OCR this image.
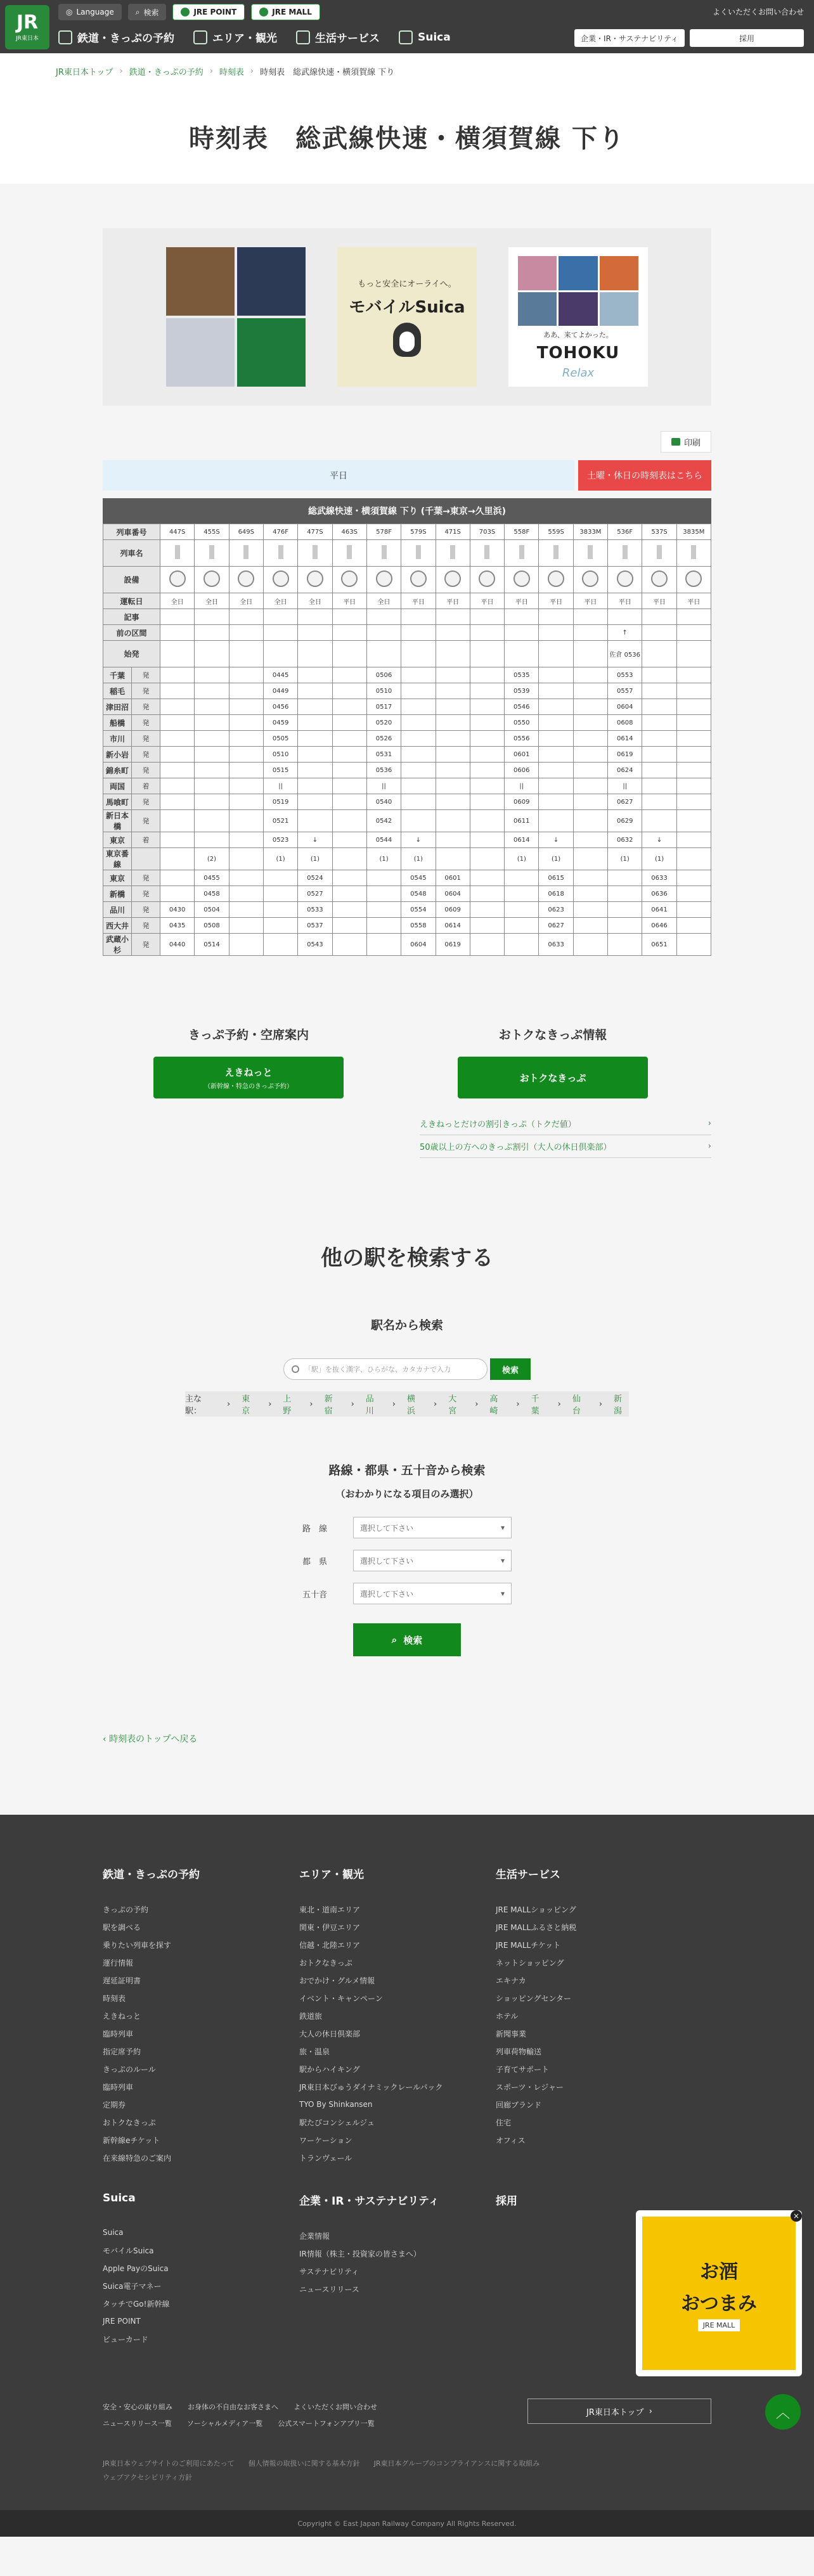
JR
JR東日本
◎ Language	⌕ 検索	JRE POINT	JRE MALL
鉄道・きっぷの予約	エリア・観光	生活サービス	Suica
よくいただくお問い合わせ
企業・IR・サステナビリティ	採用
JR東日本トップ › 鉄道・きっぷの予約 › 時刻表 › 時刻表　総武線快速・横須賀線 下り
時刻表　総武線快速・横須賀線 下り
もっと安全にオーライへ。
モバイルSuica
ああ、来てよかった。
TOHOKU
Relax
印刷
平日	土曜・休日の時刻表はこちら
総武線快速・横須賀線 下り (千葉→東京→久里浜)
列車番号		447S	455S	649S	476F	477S	463S	578F	579S	471S	703S	558F	559S	3833M	536F	537S	3835M
列車名																	
設備																	
運転日		全日	全日	全日	全日	全日	平日	全日	平日	平日	平日	平日	平日	平日	平日	平日	平日
記事																	
前の区間															↑		
始発															佐倉 0536		
千葉	発				0445			0506				0535			0553		
稲毛	発				0449			0510				0539			0557		
津田沼	発				0456			0517				0546			0604		
船橋	発				0459			0520				0550			0608		
市川	発				0505			0526				0556			0614		
新小岩	発				0510			0531				0601			0619		
錦糸町	発				0515			0536				0606			0624		
両国	着				||			||				||			||		
馬喰町	発				0519			0540				0609			0627		
新日本橋	発				0521			0542				0611			0629		
東京	着				0523	↓		0544	↓			0614	↓		0632	↓	
東京番線			(2)		(1)	(1)		(1)	(1)			(1)	(1)		(1)	(1)	
東京	発		0455			0524			0545	0601			0615			0633	
新橋	発		0458			0527			0548	0604			0618			0636	
品川	発	0430	0504			0533			0554	0609			0623			0641	
西大井	発	0435	0508			0537			0558	0614			0627			0646	
武蔵小杉	発	0440	0514			0543			0604	0619			0633			0651	
きっぷ予約・空席案内
えきねっと
（新幹線・特急のきっぷ予約）
おトクなきっぷ情報
おトクなきっぷ
えきねっとだけの割引きっぷ（トクだ値）	›
50歳以上の方へのきっぷ割引（大人の休日倶楽部）	›
他の駅を検索する
駅名から検索
「駅」を抜く漢字、ひらがな、カタカナで入力	検索
主な駅：
› 東京
› 上野
› 新宿
› 品川
› 横浜
› 大宮
› 高崎
› 千葉
› 仙台
› 新潟
路線・都県・五十音から検索
（おわかりになる項目のみ選択）
路　線	選択して下さい	▾
都　県	選択して下さい	▾
五十音	選択して下さい	▾
⌕ 検索
‹ 時刻表のトップへ戻る
鉄道・きっぷの予約
きっぷの予約
駅を調べる
乗りたい列車を探す
運行情報
遅延証明書
時刻表
えきねっと
臨時列車
指定席予約
きっぷのルール
臨時列車
定期券
おトクなきっぷ
新幹線eチケット
在来線特急のご案内
エリア・観光
東北・道南エリア
関東・伊豆エリア
信越・北陸エリア
おトクなきっぷ
おでかけ・グルメ情報
イベント・キャンペーン
鉄道旅
大人の休日倶楽部
旅・温泉
駅からハイキング
JR東日本びゅうダイナミックレールパック
TYO By Shinkansen
駅たびコンシェルジュ
ワーケーション
トランヴェール
生活サービス
JRE MALLショッピング
JRE MALLふるさと納税
JRE MALLチケット
ネットショッピング
エキナカ
ショッピングセンター
ホテル
新聞事業
列車荷物輸送
子育てサポート
スポーツ・レジャー
回廊ブランド
住宅
オフィス
Suica
Suica
モバイルSuica
Apple PayのSuica
Suica電子マネー
タッチでGo!新幹線
JRE POINT
ビューカード
企業・IR・サステナビリティ
企業情報
IR情報（株主・投資家の皆さまへ）
サステナビリティ
ニュースリリース
採用
安全・安心の取り組み お身体の不自由なお客さまへ よくいただくお問い合わせ
ニュースリリース一覧 ソーシャルメディア一覧 公式スマートフォンアプリ一覧
JR東日本トップ ›
JR東日本ウェブサイトのご利用にあたって　　個人情報の取扱いに関する基本方針　　JR東日本グループのコンプライアンスに関する取組み
ウェブアクセシビリティ方針
Copyright © East Japan Railway Company All Rights Reserved.
×
お酒
おつまみ
JRE MALL
︿
